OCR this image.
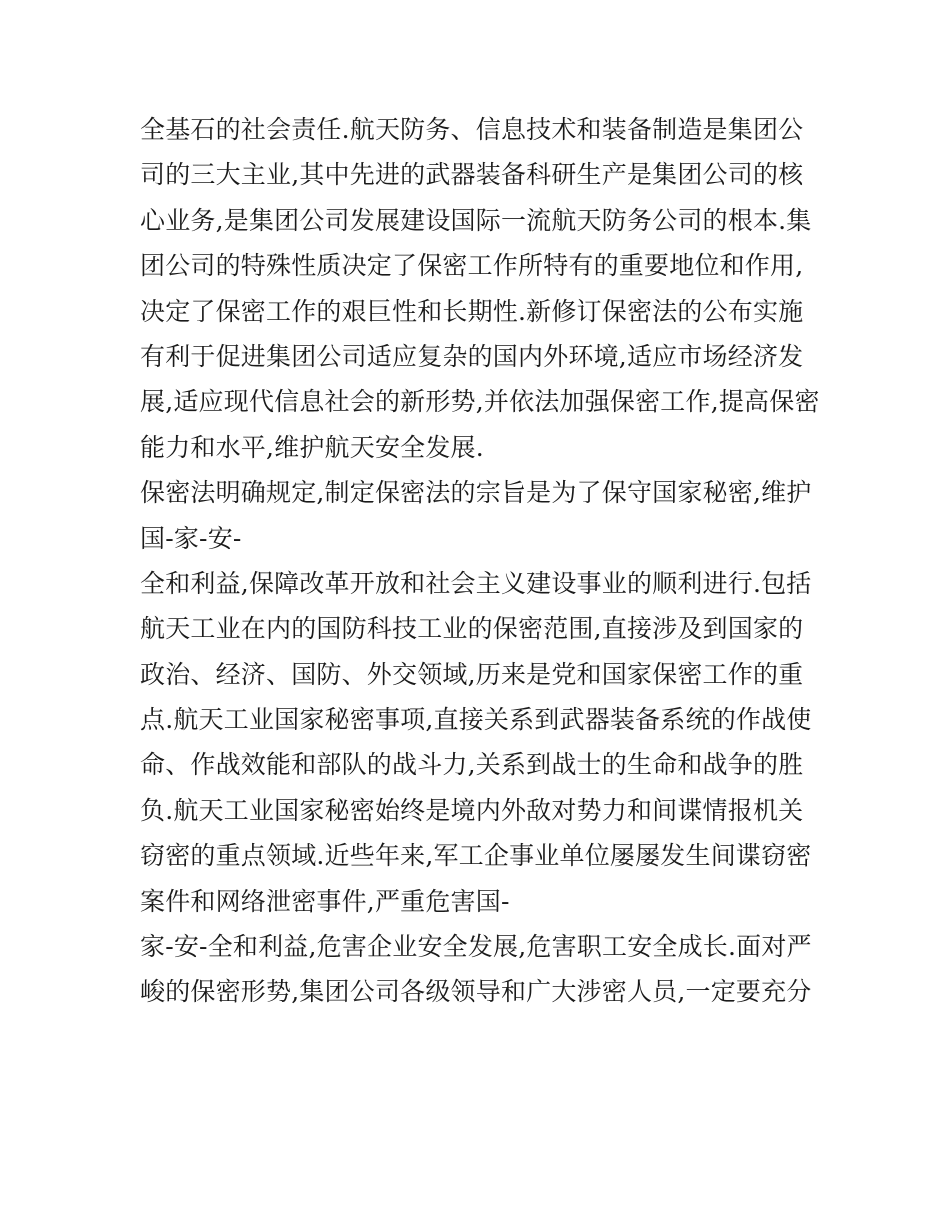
全基石的社会责任.航天防务、信息技术和装备制造是集团公
司的三大主业,其中先进的武器装备科研生产是集团公司的核
心业务,是集团公司发展建设国际一流航天防务公司的根本.集
团公司的特殊性质决定了保密工作所特有的重要地位和作用,
决定了保密工作的艰巨性和长期性.新修订保密法的公布实施
有利于促进集团公司适应复杂的国内外环境,适应市场经济发
展,适应现代信息社会的新形势,并依法加强保密工作,提高保密
能力和水平,维护航天安全发展.
保密法明确规定,制定保密法的宗旨是为了保守国家秘密,维护
国-家-安-
全和利益,保障改革开放和社会主义建设事业的顺利进行.包括
航天工业在内的国防科技工业的保密范围,直接涉及到国家的
政治、经济、国防、外交领域,历来是党和国家保密工作的重
点.航天工业国家秘密事项,直接关系到武器装备系统的作战使
命、作战效能和部队的战斗力,关系到战士的生命和战争的胜
负.航天工业国家秘密始终是境内外敌对势力和间谍情报机关
窃密的重点领域.近些年来,军工企事业单位屡屡发生间谍窃密
案件和网络泄密事件,严重危害国-
家-安-全和利益,危害企业安全发展,危害职工安全成长.面对严
峻的保密形势,集团公司各级领导和广大涉密人员,一定要充分
